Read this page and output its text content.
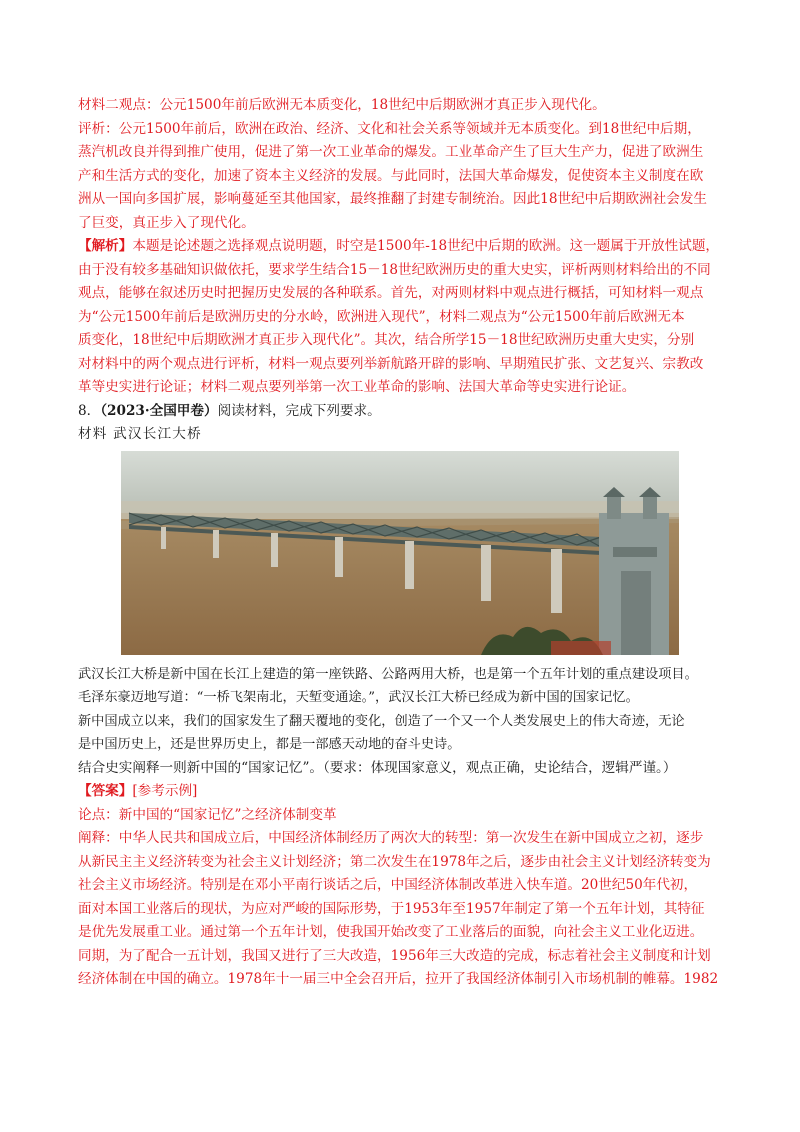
材料二观点：公元1500年前后欧洲无本质变化，18世纪中后期欧洲才真正步入现代化。
评析：公元1500年前后，欧洲在政治、经济、文化和社会关系等领域并无本质变化。到18世纪中后期，
蒸汽机改良并得到推广使用，促进了第一次工业革命的爆发。工业革命产生了巨大生产力，促进了欧洲生
产和生活方式的变化，加速了资本主义经济的发展。与此同时，法国大革命爆发，促使资本主义制度在欧
洲从一国向多国扩展，影响蔓延至其他国家，最终推翻了封建专制统治。因此18世纪中后期欧洲社会发生
了巨变，真正步入了现代化。
【解析】本题是论述题之选择观点说明题，时空是1500年-18世纪中后期的欧洲。这一题属于开放性试题，
由于没有较多基础知识做依托，要求学生结合15－18世纪欧洲历史的重大史实，评析两则材料给出的不同
观点，能够在叙述历史时把握历史发展的各种联系。首先，对两则材料中观点进行概括，可知材料一观点
为“公元1500年前后是欧洲历史的分水岭，欧洲进入现代”，材料二观点为“公元1500年前后欧洲无本
质变化，18世纪中后期欧洲才真正步入现代化”。其次，结合所学15－18世纪欧洲历史重大史实，分别
对材料中的两个观点进行评析，材料一观点要列举新航路开辟的影响、早期殖民扩张、文艺复兴、宗教改
革等史实进行论证；材料二观点要列举第一次工业革命的影响、法国大革命等史实进行论证。
8．（2023·全国甲卷）阅读材料，完成下列要求。
材料 武汉长江大桥
武汉长江大桥是新中国在长江上建造的第一座铁路、公路两用大桥，也是第一个五年计划的重点建设项目。
毛泽东豪迈地写道：“一桥飞架南北，天堑变通途。”，武汉长江大桥已经成为新中国的国家记忆。
新中国成立以来，我们的国家发生了翻天覆地的变化，创造了一个又一个人类发展史上的伟大奇迹，无论
是中国历史上，还是世界历史上，都是一部感天动地的奋斗史诗。
结合史实阐释一则新中国的“国家记忆”。（要求：体现国家意义，观点正确，史论结合，逻辑严谨。）
【答案】[参考示例]
论点：新中国的“国家记忆”之经济体制变革
阐释：中华人民共和国成立后，中国经济体制经历了两次大的转型：第一次发生在新中国成立之初，逐步
从新民主主义经济转变为社会主义计划经济；第二次发生在1978年之后，逐步由社会主义计划经济转变为
社会主义市场经济。特别是在邓小平南行谈话之后，中国经济体制改革进入快车道。20世纪50年代初，
面对本国工业落后的现状，为应对严峻的国际形势，于1953年至1957年制定了第一个五年计划，其特征
是优先发展重工业。通过第一个五年计划，使我国开始改变了工业落后的面貌，向社会主义工业化迈进。
同期，为了配合一五计划，我国又进行了三大改造，1956年三大改造的完成，标志着社会主义制度和计划
经济体制在中国的确立。1978年十一届三中全会召开后，拉开了我国经济体制引入市场机制的帷幕。1982
